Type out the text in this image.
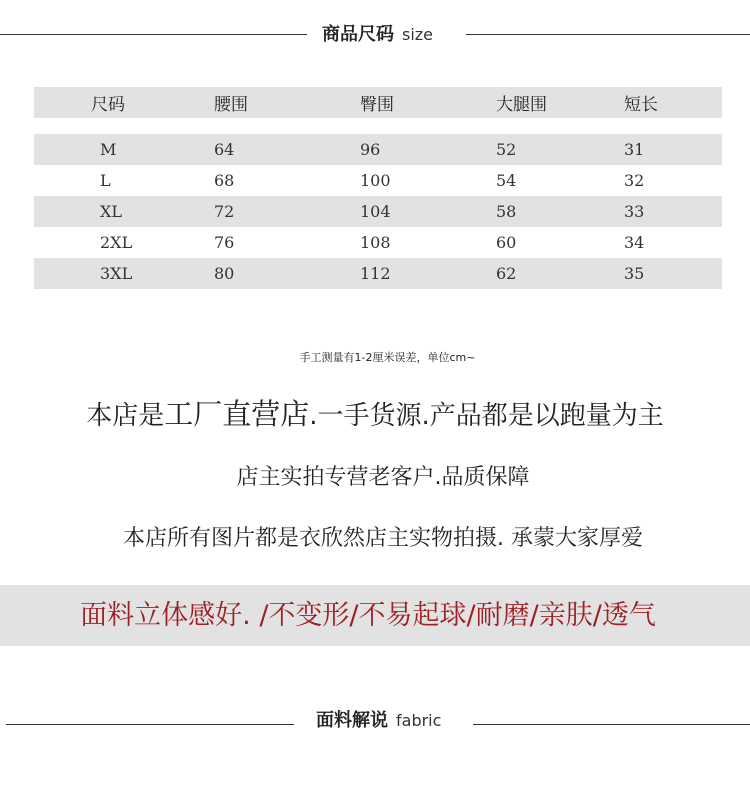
商品尺码 size
尺码	腰围	臀围	大腿围	短长

M	64	96	52	31
L	68	100	54	32
XL	72	104	58	33
2XL	76	108	60	34
3XL	80	112	62	35
手工测量有1-2厘米误差，单位cm~
本店是工厂直营店.一手货源.产品都是以跑量为主
店主实拍专营老客户.品质保障
本店所有图片都是衣欣然店主实物拍摄. 承蒙大家厚爱
面料立体感好. /不变形/不易起球/耐磨/亲肤/透气
面料解说 fabric
